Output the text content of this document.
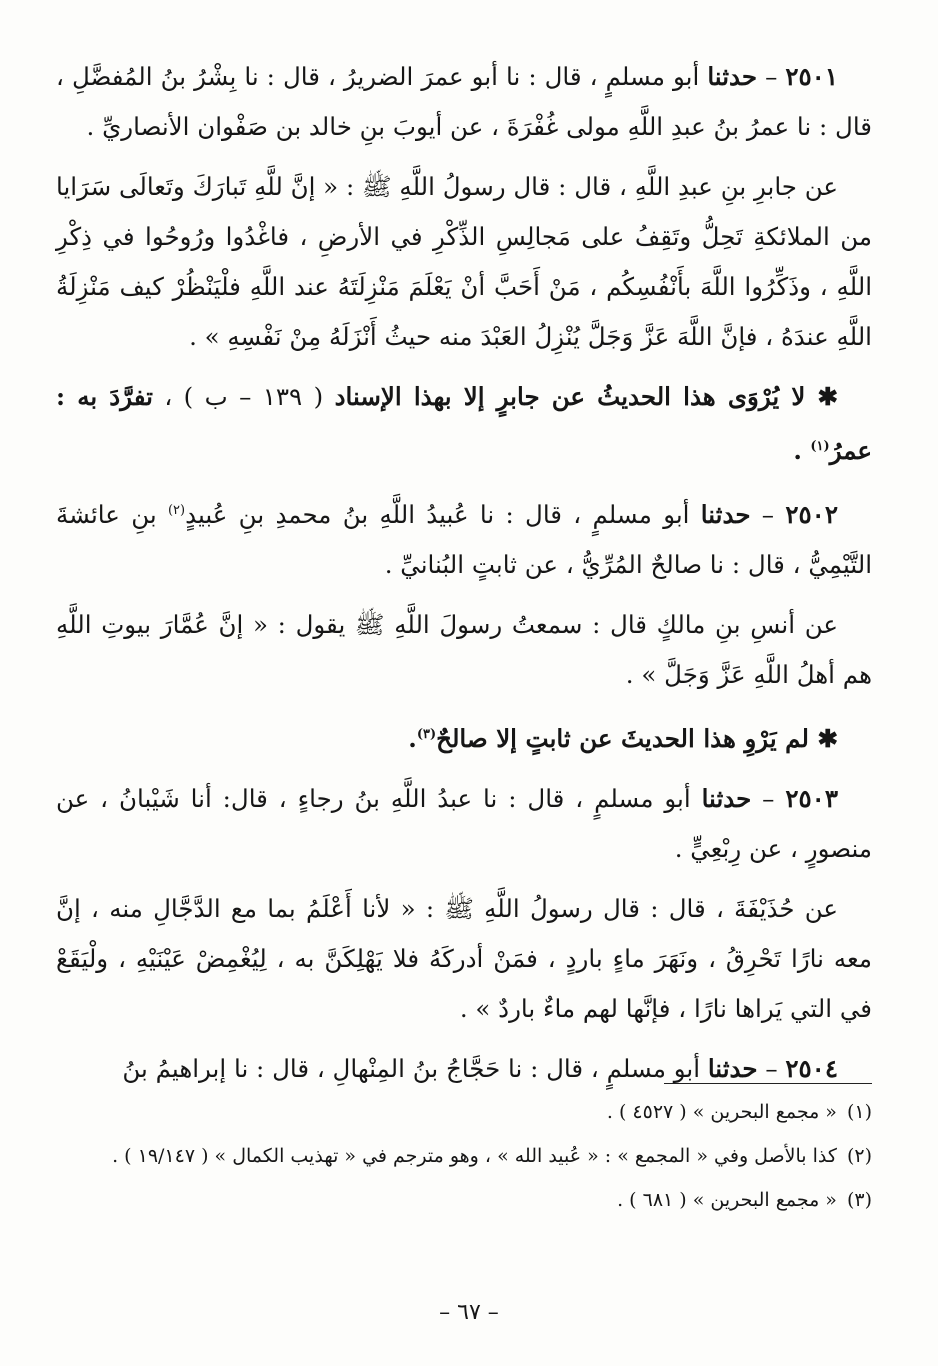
٢٥٠١ – حدثنا أبو مسلمٍ ، قال : نا أبو عمرَ الضريرُ ، قال : نا بِشْرُ بنُ المُفضَّلِ ، قال : نا عمرُ بنُ عبدِ اللَّهِ مولى غُفْرَةَ ، عن أيوبَ بنِ خالد بن صَفْوان الأنصاريِّ .

عن جابرِ بنِ عبدِ اللَّهِ ، قال : قال رسولُ اللَّهِ ﷺ : « إنَّ للَّهِ تَبارَكَ وتَعالَى سَرَايا من الملائكةِ تَحِلُّ وتَقِفُ على مَجالِسِ الذِّكْرِ في الأرضِ ، فاغْدُوا ورُوحُوا في ذِكْرِ اللَّهِ ، وذَكِّرُوا اللَّهَ بأَنْفُسِكُم ، مَنْ أَحَبَّ أنْ يَعْلَمَ مَنْزِلَتَهُ عند اللَّهِ فلْيَنْظُرْ كيف مَنْزِلَةُ اللَّهِ عندَهُ ، فإنَّ اللَّهَ عَزَّ وَجَلَّ يُنْزِلُ العَبْدَ منه حيثُ أَنْزَلَهُ مِنْ نَفْسِهِ » .

✱ لا يُرْوَى هذا الحديثُ عن جابرٍ إلا بهذا الإسناد ( ١٣٩ – ب ) ، تفرَّدَ به : عمرُ$^{(١)}$ .

٢٥٠٢ – حدثنا أبو مسلمٍ ، قال : نا عُبيدُ اللَّهِ بنُ محمدِ بنِ عُبيدٍ$^{(٢)}$ بنِ عائشةَ التَّيْمِيُّ ، قال : نا صالحٌ المُرِّيُّ ، عن ثابتٍ البُنانيِّ .

عن أنسِ بنِ مالكٍ قال : سمعتُ رسولَ اللَّهِ ﷺ يقول : « إنَّ عُمَّارَ بيوتِ اللَّهِ هم أهلُ اللَّهِ عَزَّ وَجَلَّ » .

✱ لم يَرْوِ هذا الحديثَ عن ثابتٍ إلا صالحٌ$^{(٣)}$.

٢٥٠٣ – حدثنا أبو مسلمٍ ، قال : نا عبدُ اللَّهِ بنُ رجاءٍ ، قال: أنا شَيْبانُ ، عن منصورٍ ، عن رِبْعِيٍّ .

عن حُذَيْفَةَ ، قال : قال رسولُ اللَّهِ ﷺ : « لأنا أَعْلَمُ بما مع الدَّجَّالِ منه ، إنَّ معه نارًا تَحْرِقُ ، ونَهَرَ ماءٍ باردٍ ، فمَنْ أدركَهُ فلا يَهْلِكَنَّ به ، لِيُغْمِضْ عَيْنَيْهِ ، ولْيَقَعْ في التي يَراها نارًا ، فإنَّها لهم ماءٌ باردٌ » .

٢٥٠٤ – حدثنا أبو مسلمٍ ، قال : نا حَجَّاجُ بنُ المِنْهالِ ، قال : نا إبراهيمُ بنُ

(١)« مجمع البحرين » ( ٤٥٢٧ ) .

(٢)كذا بالأصل وفي « المجمع » : « عُبيد الله » ، وهو مترجم في « تهذيب الكمال » ( ١٩/١٤٧ ) .

(٣)« مجمع البحرين » ( ٦٨١ ) .

– ٦٧ –
